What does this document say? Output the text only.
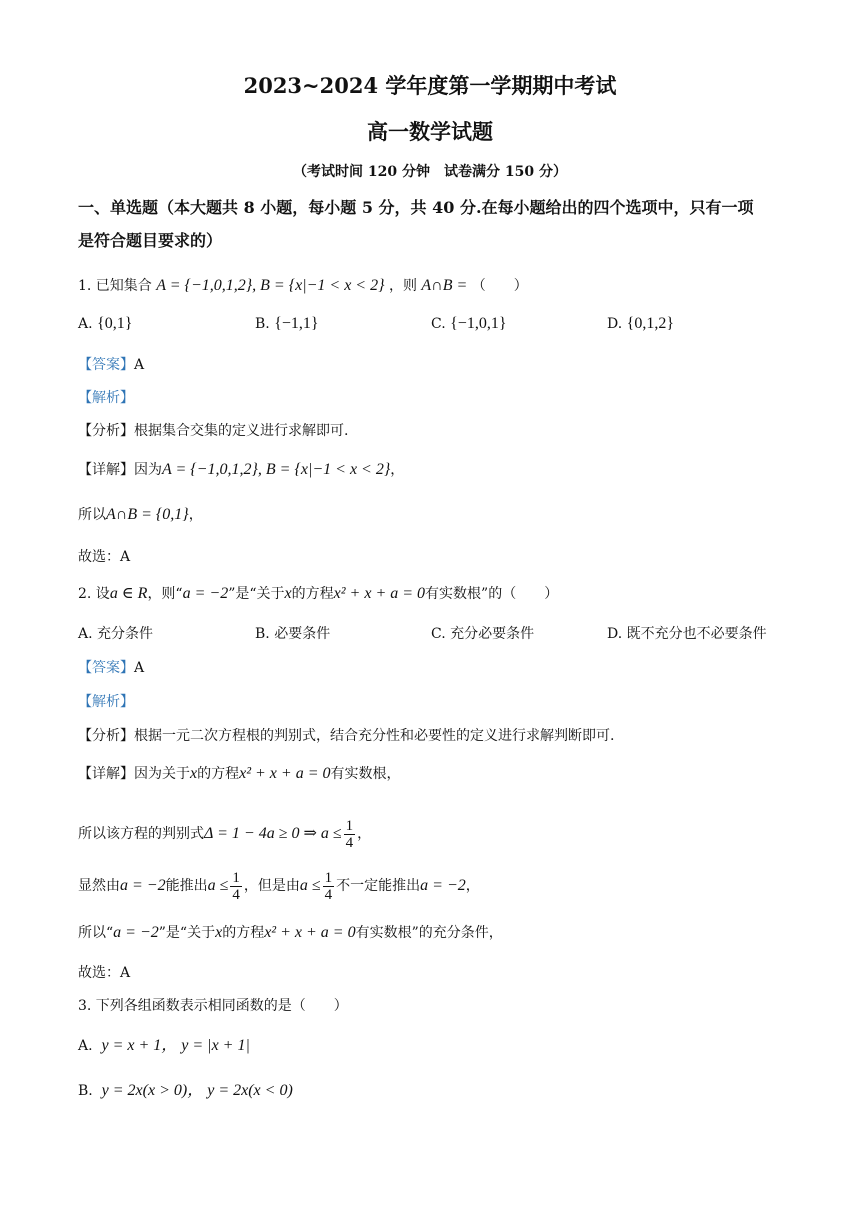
2023~2024 学年度第一学期期中考试
高一数学试题
（考试时间 120 分钟　试卷满分 150 分）
一、单选题（本大题共 8 小题，每小题 5 分，共 40 分.在每小题给出的四个选项中，只有一项
是符合题目要求的）
1. 已知集合 A = {−1,0,1,2}, B = {x|−1 < x < 2} ，则 A∩B = （　　）
A. {0,1}	B. {−1,1}	C. {−1,0,1}	D. {0,1,2}
【答案】A
【解析】
【分析】根据集合交集的定义进行求解即可.
【详解】因为A = {−1,0,1,2}, B = {x|−1 < x < 2}，
所以A∩B = {0,1}，
故选：A
2. 设a ∈ R，则“a = −2”是“关于x的方程x² + x + a = 0有实数根”的（　　）
A. 充分条件	B. 必要条件	C. 充分必要条件	D. 既不充分也不必要条件
【答案】A
【解析】
【分析】根据一元二次方程根的判别式，结合充分性和必要性的定义进行求解判断即可.
【详解】因为关于x的方程x² + x + a = 0有实数根，
所以该方程的判别式Δ = 1 − 4a ≥ 0 ⇒ $a \le \frac{1}{4}$ ，
显然由a = −2能推出$a \le \frac{1}{4}$ ，但是由$a \le \frac{1}{4}$ 不一定能推出a = −2，
所以“a = −2”是“关于x的方程x² + x + a = 0有实数根”的充分条件，
故选：A
3. 下列各组函数表示相同函数的是（　　）
A. y = x + 1， y = |x + 1|
B. y = 2x(x > 0)， y = 2x(x < 0)
